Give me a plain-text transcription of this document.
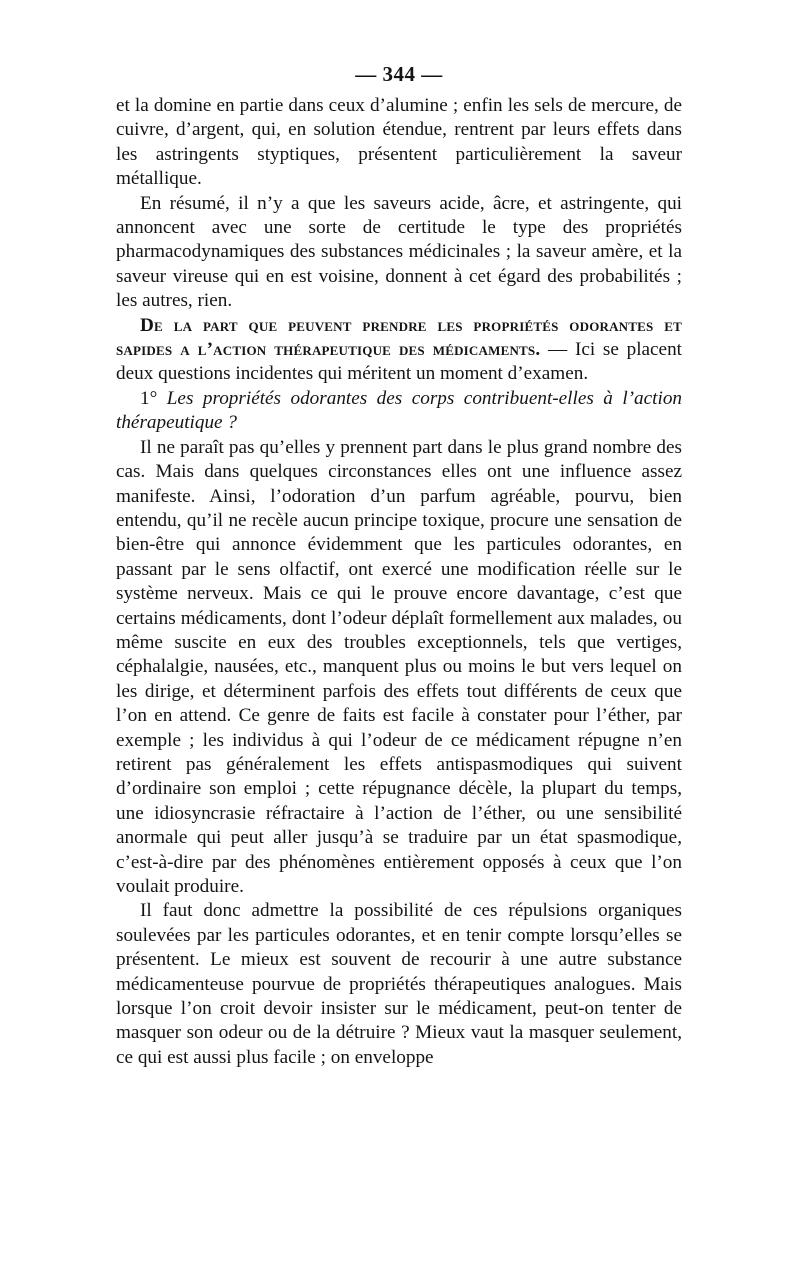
— 344 —

et la domine en partie dans ceux d’alumine ; enfin les sels de mercure, de cuivre, d’argent, qui, en solution étendue, rentrent par leurs effets dans les astringents styptiques, présentent particulièrement la saveur métallique.

En résumé, il n’y a que les saveurs acide, âcre, et astringente, qui annoncent avec une sorte de certitude le type des propriétés pharmacodynamiques des substances médicinales ; la saveur amère, et la saveur vireuse qui en est voisine, donnent à cet égard des probabilités ; les autres, rien.

De la part que peuvent prendre les propriétés odorantes et sapides a l’action thérapeutique des médicaments. — Ici se placent deux questions incidentes qui méritent un moment d’examen.

1° Les propriétés odorantes des corps contribuent-elles à l’action thérapeutique ?

Il ne paraît pas qu’elles y prennent part dans le plus grand nombre des cas. Mais dans quelques circonstances elles ont une influence assez manifeste. Ainsi, l’odoration d’un parfum agréable, pourvu, bien entendu, qu’il ne recèle aucun principe toxique, procure une sensation de bien-être qui annonce évidemment que les particules odorantes, en passant par le sens olfactif, ont exercé une modification réelle sur le système nerveux. Mais ce qui le prouve encore davantage, c’est que certains médicaments, dont l’odeur déplaît formellement aux malades, ou même suscite en eux des troubles exceptionnels, tels que vertiges, céphalalgie, nausées, etc., manquent plus ou moins le but vers lequel on les dirige, et déterminent parfois des effets tout différents de ceux que l’on en attend. Ce genre de faits est facile à constater pour l’éther, par exemple ; les individus à qui l’odeur de ce médicament répugne n’en retirent pas généralement les effets antispasmodiques qui suivent d’ordinaire son emploi ; cette répugnance décèle, la plupart du temps, une idiosyncrasie réfractaire à l’action de l’éther, ou une sensibilité anormale qui peut aller jusqu’à se traduire par un état spasmodique, c’est-à-dire par des phénomènes entièrement opposés à ceux que l’on voulait produire.

Il faut donc admettre la possibilité de ces répulsions organiques soulevées par les particules odorantes, et en tenir compte lorsqu’elles se présentent. Le mieux est souvent de recourir à une autre substance médicamenteuse pourvue de propriétés thérapeutiques analogues. Mais lorsque l’on croit devoir insister sur le médicament, peut-on tenter de masquer son odeur ou de la détruire ? Mieux vaut la masquer seulement, ce qui est aussi plus facile ; on enveloppe
